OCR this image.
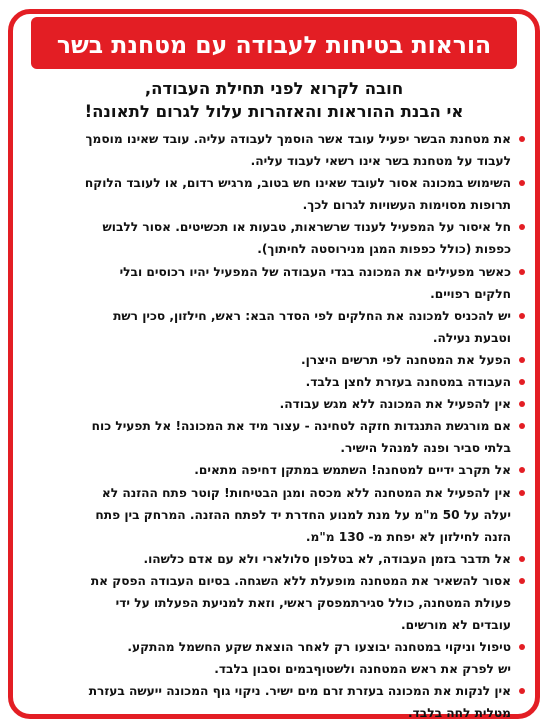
הוראות בטיחות לעבודה עם מטחנת בשר
חובה לקרוא לפני תחילת העבודה,
אי הבנת ההוראות והאזהרות עלול לגרום לתאונה!
את מטחנת הבשר יפעיל עובד אשר הוסמך לעבודה עליה. עובד שאינו מוסמך
לעבוד על מטחנת בשר אינו רשאי לעבוד עליה.
השימוש במכונה אסור לעובד שאינו חש בטוב, מרגיש רדום, או לעובד הלוקח
תרופות מסוימות העשויות לגרום לכך.
חל איסור על המפעיל לענוד שרשראות, טבעות או תכשיטים. אסור ללבוש
כפפות (כולל כפפות המגן מנירוסטה לחיתוך).
כאשר מפעילים את המכונה בגדי העבודה של המפעיל יהיו רכוסים ובלי
חלקים רפויים.
יש להכניס למכונה את החלקים לפי הסדר הבא: ראש, חילזון, סכין רשת
וטבעת נעילה.
הפעל את המטחנה לפי תרשים היצרן.
העבודה במטחנה בעזרת לחצן בלבד.
אין להפעיל את המכונה ללא מגש עבודה.
אם מורגשת התנגדות חזקה לטחינה - עצור מיד את המכונה! אל תפעיל כוח
בלתי סביר ופנה למנהל הישיר.
אל תקרב ידיים למטחנה! השתמש במתקן דחיפה מתאים.
אין להפעיל את המטחנה ללא מכסה ומגן הבטיחות! קוטר פתח ההזנה לא
יעלה על 50 מ"מ על מנת למנוע החדרת יד לפתח ההזנה. המרחק בין פתח
הזנה לחילזון לא יפחת מ- 130 מ"מ.
אל תדבר בזמן העבודה, לא בטלפון סלולארי ולא עם אדם כלשהו.
אסור להשאיר את המטחנה מופעלת ללא השגחה. בסיום העבודה הפסק את
פעולת המטחנה, כולל סגירתמפסק ראשי, וזאת למניעת הפעלתו על ידי
עובדים לא מורשים.
טיפול וניקוי במטחנה יבוצעו רק לאחר הוצאת שקע החשמל מהתקע.
יש לפרק את ראש המטחנה ולשטוףבמים וסבון בלבד.
אין לנקות את המכונה בעזרת זרם מים ישיר. ניקוי גוף המכונה ייעשה בעזרת
מטלית לחה בלבד.
